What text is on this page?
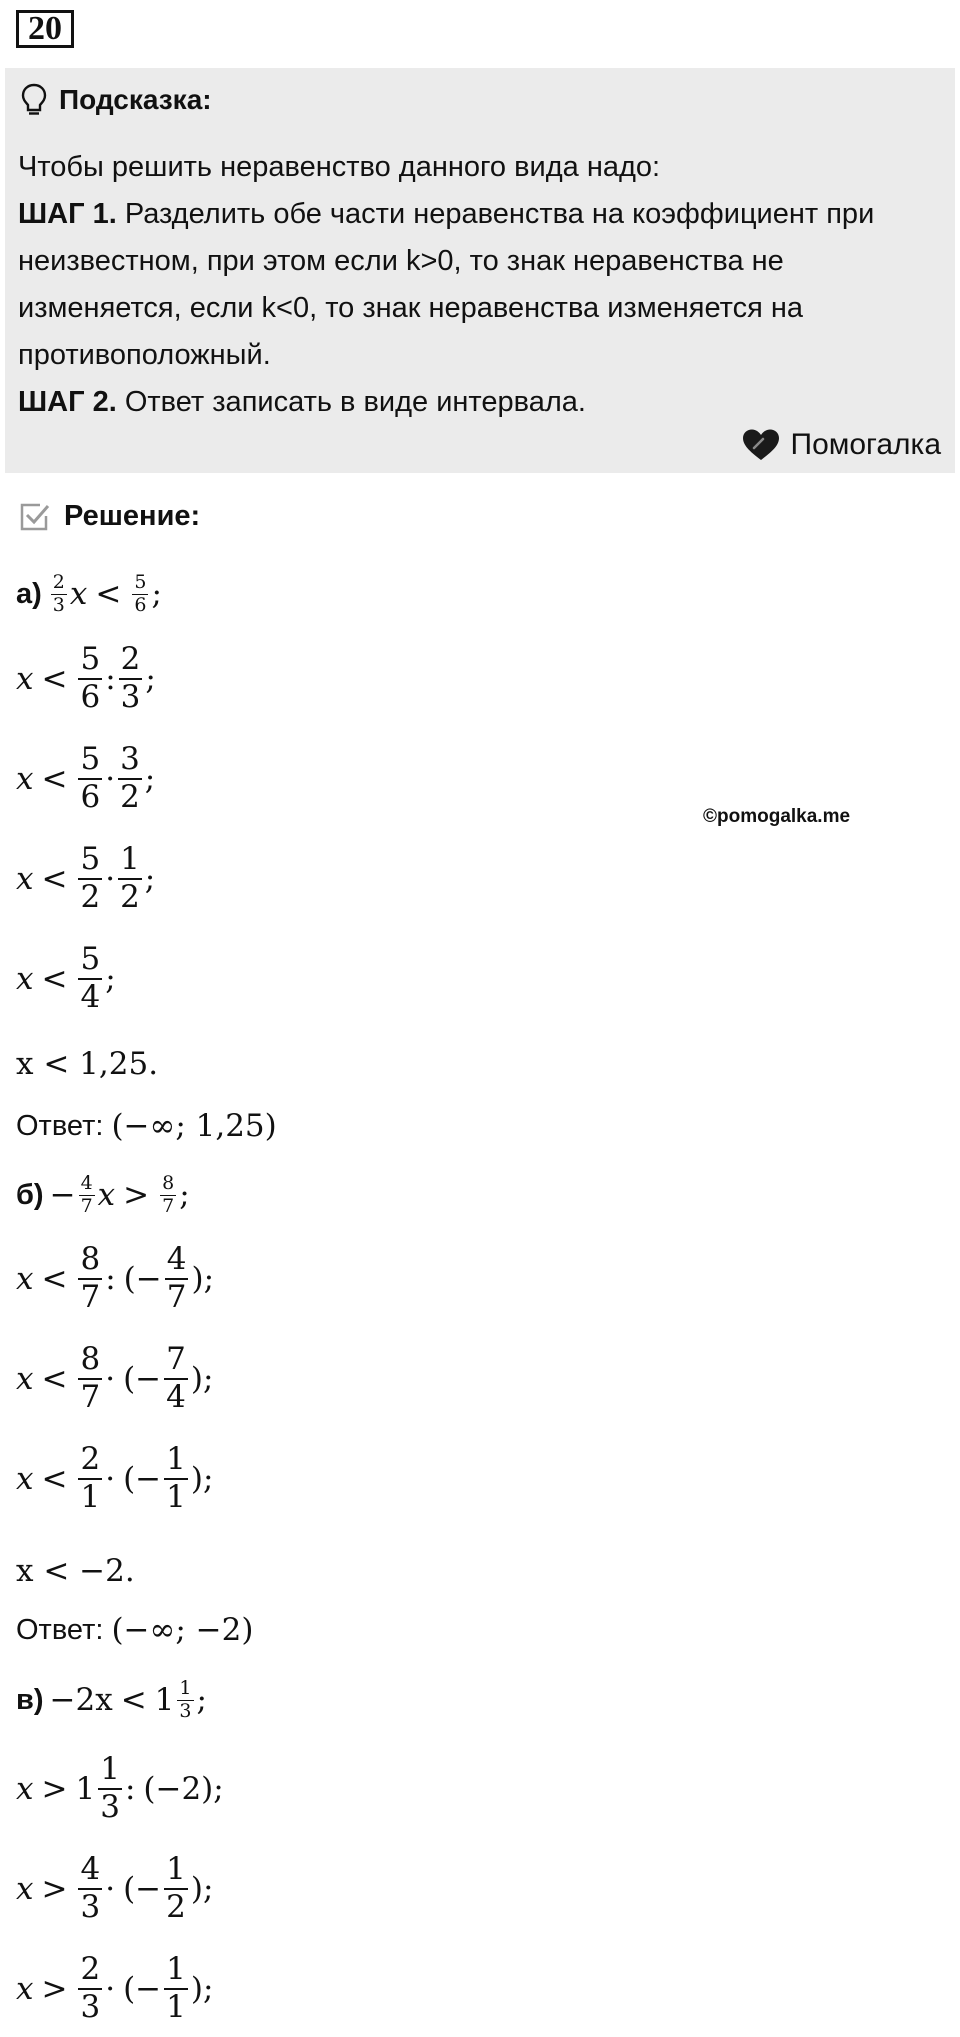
20
Подсказка:

Чтобы решить неравенство данного вида надо:

ШАГ 1. Разделить обе части неравенства на коэффициент при неизвестном, при этом если k>0, то знак неравенства не изменяется, если k<0, то знак неравенства изменяется на противоположный.

ШАГ 2. Ответ записать в виде интервала.

Помогалка
Решение:
©pomogalka.me
а) 2
3 x < 5
6 ;
x <
5
6 :
2
3 ;
x <
5
6 ·
3
2 ;
x <
5
2 ·
1
2 ;
x <
5
4 ;
x < 1,25.
Ответ: (−∞; 1,25)
б) − 4
7 x > 8
7 ;
x <
8
7 : (−
4
7 );
x <
8
7 · (−
7
4 );
x <
2
1 · (−
1
1 );
x < −2.
Ответ: (−∞; −2)
в) −2x < 1 1
3 ;
x > 1
1
3 : (−2);
x >
4
3 · (−
1
2 );
x >
2
3 · (−
1
1 );
